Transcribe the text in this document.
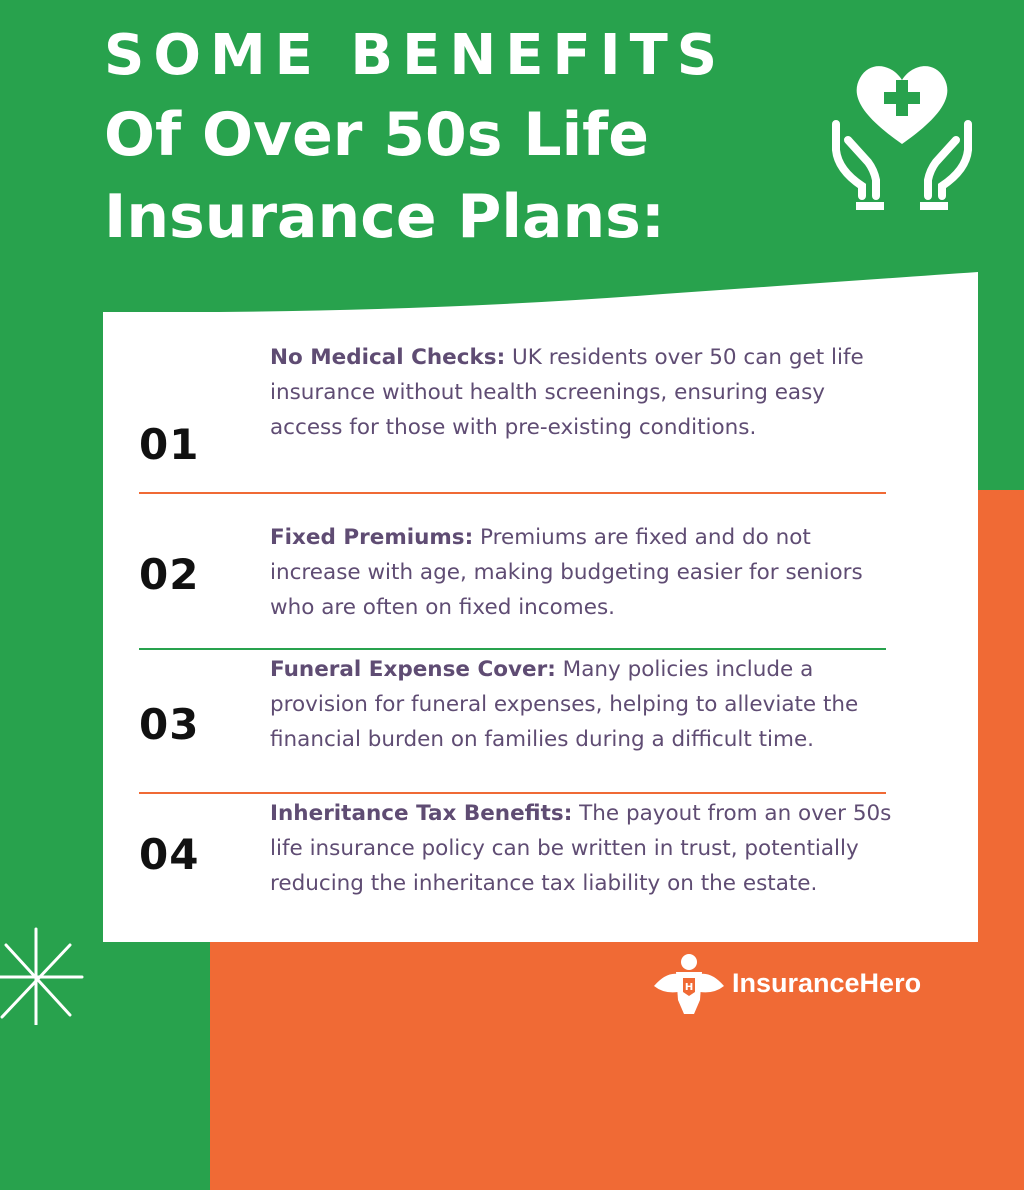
SOME BENEFITS
Of Over 50s Life
Insurance Plans:
01
No Medical Checks: UK residents over 50 can get life insurance without health screenings, ensuring easy access for those with pre-existing conditions.
02
Fixed Premiums: Premiums are fixed and do not increase with age, making budgeting easier for seniors who are often on fixed incomes.
03
Funeral Expense Cover: Many policies include a provision for funeral expenses, helping to alleviate the financial burden on families during a difficult time.
04
Inheritance Tax Benefits: The payout from an over 50s life insurance policy can be written in trust, potentially reducing the inheritance tax liability on the estate.
H InsuranceHero
